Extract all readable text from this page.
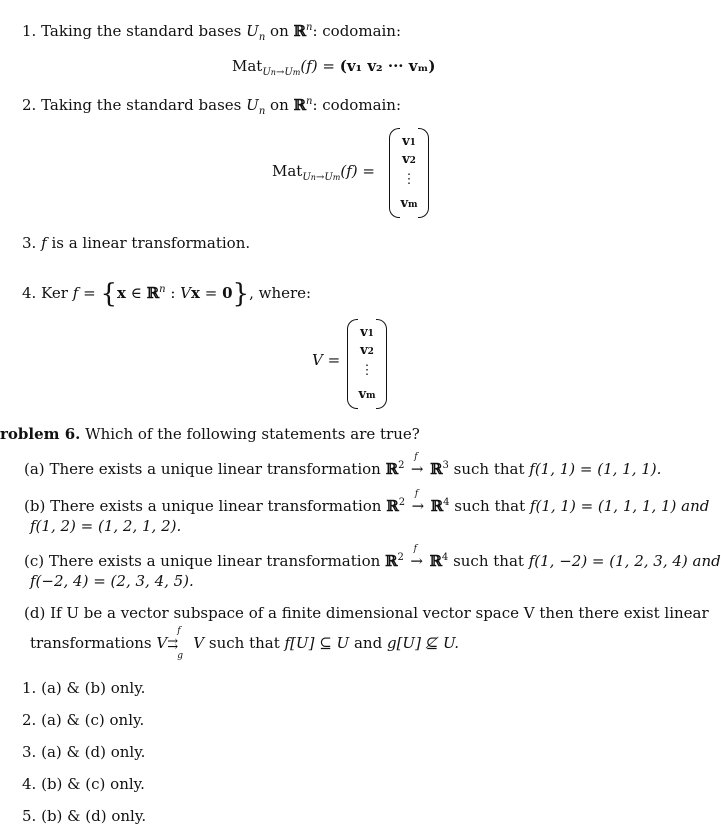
1. Taking the standard bases $U_n$ on ℝ$^n$: codomain:
Mat$_{Un\to Um}$(f) = (v₁ v₂ ··· vₘ)
2. Taking the standard bases $U_n$ on ℝ$^n$: codomain:
Mat$_{Un\to Um}$(f) =
v1
v2
⋮
vm
3. f is a linear transformation.
4. Ker f = {x ∈ ℝ$^n$ : Vx = 0}, where:
V =
v1
v2
⋮
vm
roblem 6. Which of the following statements are true?
(a) There exists a unique linear transformation ℝ$^2$
f
→ ℝ$^3$ such that f(1, 1) = (1, 1, 1).
(b) There exists a unique linear transformation ℝ$^2$
f
→ ℝ$^4$ such that f(1, 1) = (1, 1, 1, 1) and
f(1, 2) = (1, 2, 1, 2).
(c) There exists a unique linear transformation ℝ$^2$
f
→ ℝ$^4$ such that f(1, −2) = (1, 2, 3, 4) and
f(−2, 4) = (2, 3, 4, 5).
(d) If U be a vector subspace of a finite dimensional vector space V then there exist linear
transformations V
f
⇉
g
V such that f[U] ⊆ U and g[U] ⊈ U.
1. (a) & (b) only.
2. (a) & (c) only.
3. (a) & (d) only.
4. (b) & (c) only.
5. (b) & (d) only.
